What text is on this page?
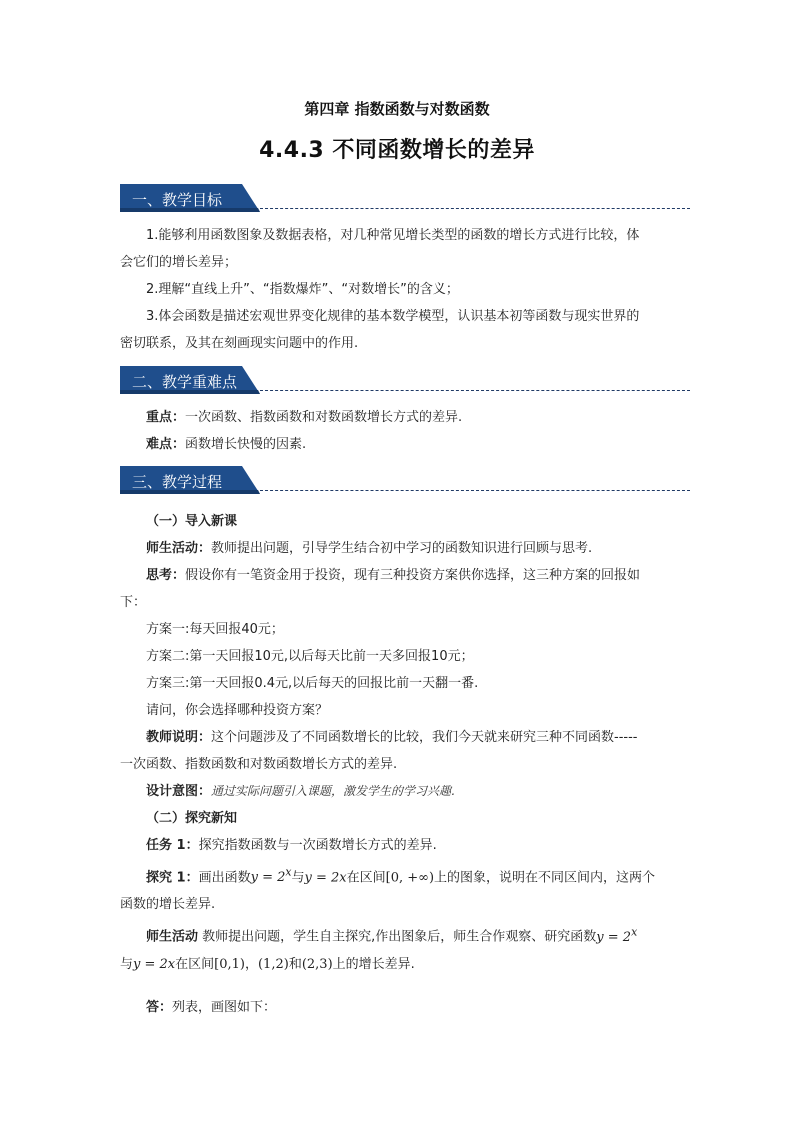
第四章 指数函数与对数函数
4.4.3 不同函数增长的差异
一、教学目标
1.能够利用函数图象及数据表格，对几种常见增长类型的函数的增长方式进行比较，体
会它们的增长差异；
2.理解“直线上升”、“指数爆炸”、“对数增长”的含义；
3.体会函数是描述宏观世界变化规律的基本数学模型，认识基本初等函数与现实世界的
密切联系，及其在刻画现实问题中的作用.
二、教学重难点
重点：一次函数、指数函数和对数函数增长方式的差异.
难点：函数增长快慢的因素.
三、教学过程
（一）导入新课
师生活动：教师提出问题，引导学生结合初中学习的函数知识进行回顾与思考.
思考：假设你有一笔资金用于投资，现有三种投资方案供你选择，这三种方案的回报如
下：
方案一:每天回报40元；
方案二:第一天回报10元,以后每天比前一天多回报10元；
方案三:第一天回报0.4元,以后每天的回报比前一天翻一番.
请问，你会选择哪种投资方案？
教师说明：这个问题涉及了不同函数增长的比较，我们今天就来研究三种不同函数-----
一次函数、指数函数和对数函数增长方式的差异.
设计意图：通过实际问题引入课题，激发学生的学习兴趣.
（二）探究新知
任务 1：探究指数函数与一次函数增长方式的差异.
探究 1：画出函数$y = 2^x$与y = 2x在区间[0, +∞)上的图象，说明在不同区间内，这两个
函数的增长差异.
师生活动 教师提出问题，学生自主探究,作出图象后，师生合作观察、研究函数$y = 2^x$
与y = 2x在区间[0,1)，(1,2)和(2,3)上的增长差异.
答：列表，画图如下：
